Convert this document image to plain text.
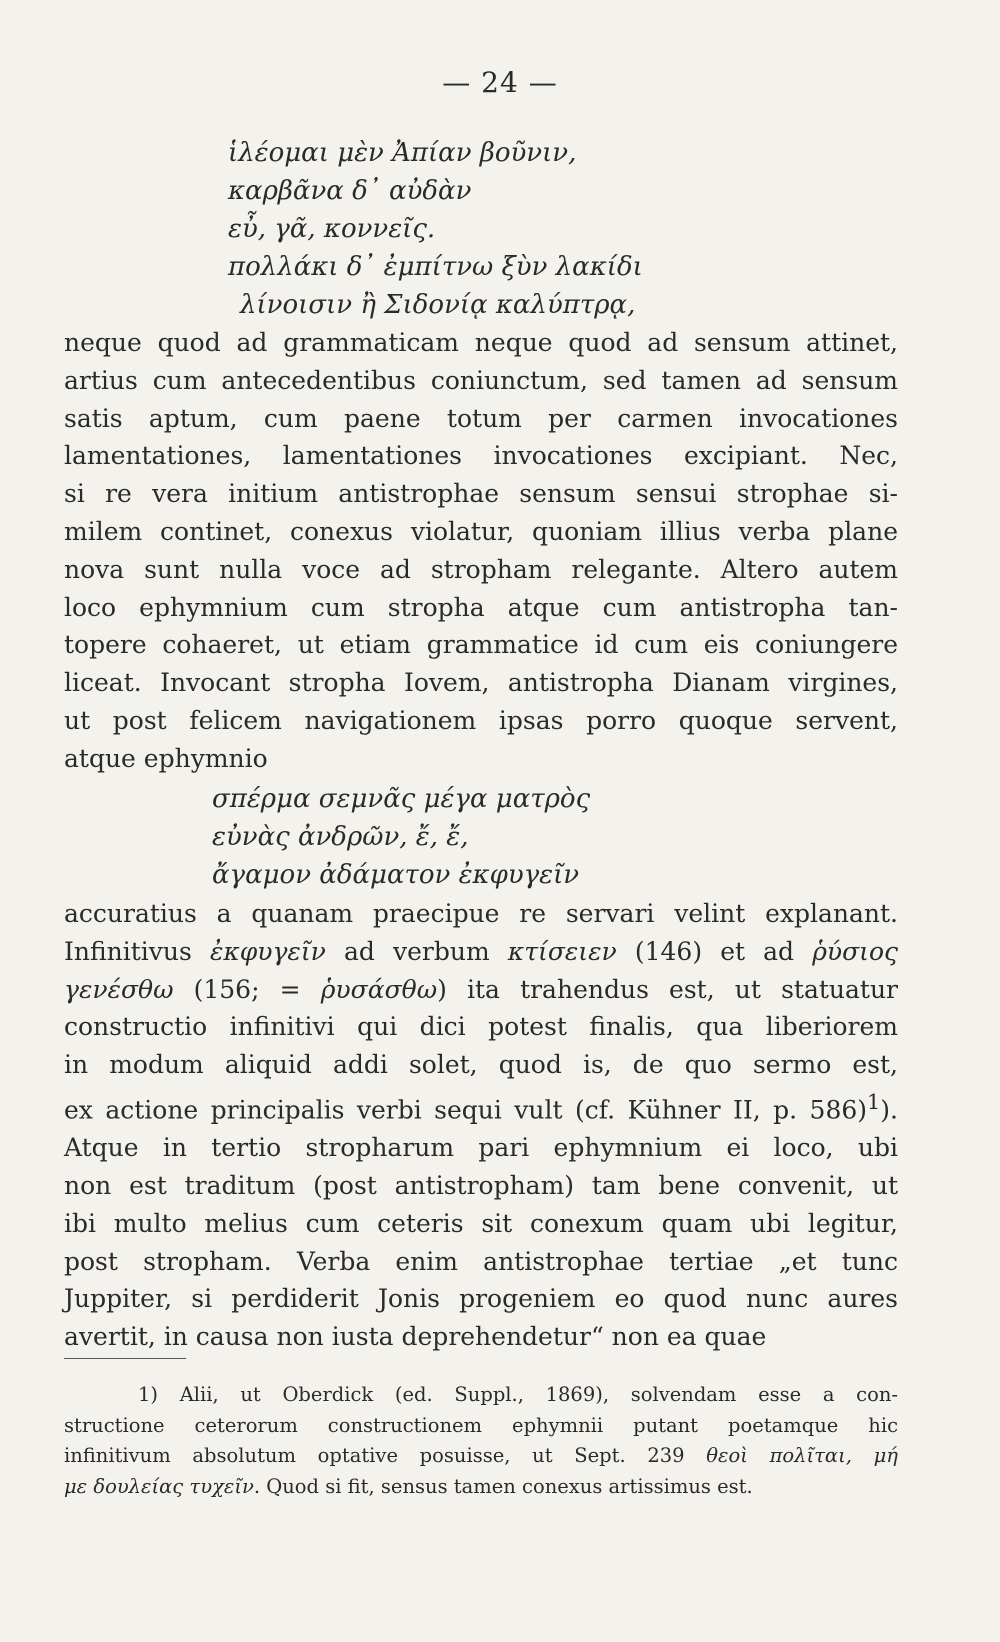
— 24 —
ἱλέομαι μὲν Ἀπίαν βοῦνιν,
καρβᾶνα δ᾽ αὐδὰν
εὖ, γᾶ, κοννεῖς.
πολλάκι δ᾽ ἐμπίτνω ξὺν λακίδι
λίνοισιν ἢ Σιδονίᾳ καλύπτρᾳ,
neque quod ad grammaticam neque quod ad sensum attinet,
artius cum antecedentibus coniunctum, sed tamen ad sensum
satis aptum, cum paene totum per carmen invocationes
lamentationes, lamentationes invocationes excipiant. Nec,
si re vera initium antistrophae sensum sensui strophae si-
milem continet, conexus violatur, quoniam illius verba plane
nova sunt nulla voce ad stropham relegante. Altero autem
loco ephymnium cum stropha atque cum antistropha tan-
topere cohaeret, ut etiam grammatice id cum eis coniungere
liceat. Invocant stropha Iovem, antistropha Dianam virgines,
ut post felicem navigationem ipsas porro quoque servent,
atque ephymnio
σπέρμα σεμνᾶς μέγα ματρὸς
εὐνὰς ἀνδρῶν, ἔ, ἔ,
ἄγαμον ἀδάματον ἐκφυγεῖν
accuratius a quanam praecipue re servari velint explanant.
Infinitivus ἐκφυγεῖν ad verbum κτίσειεν (146) et ad ῥύσιος
γενέσθω (156; = ῥυσάσθω) ita trahendus est, ut statuatur
constructio infinitivi qui dici potest finalis, qua liberiorem
in modum aliquid addi solet, quod is, de quo sermo est,
ex actione principalis verbi sequi vult (cf. Kühner II, p. 586)$^1$).
Atque in tertio stropharum pari ephymnium ei loco, ubi
non est traditum (post antistropham) tam bene convenit, ut
ibi multo melius cum ceteris sit conexum quam ubi legitur,
post stropham. Verba enim antistrophae tertiae „et tunc
Juppiter, si perdiderit Jonis progeniem eo quod nunc aures
avertit, in causa non iusta deprehendetur“ non ea quae
1) Alii, ut Oberdick (ed. Suppl., 1869), solvendam esse a con-
structione ceterorum constructionem ephymnii putant poetamque hic
infinitivum absolutum optative posuisse, ut Sept. 239 θεοὶ πολῖται, μή
με δουλείας τυχεῖν. Quod si fit, sensus tamen conexus artissimus est.
